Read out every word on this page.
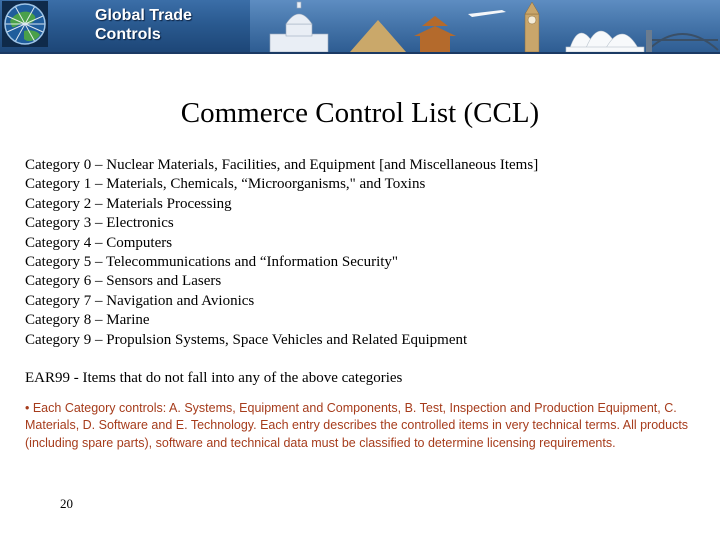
Global Trade
Controls
Commerce Control List (CCL)
Category 0 – Nuclear Materials, Facilities, and Equipment [and Miscellaneous Items]
Category 1 – Materials, Chemicals, “Microorganisms," and Toxins
Category 2 – Materials Processing
Category 3 – Electronics
Category 4 – Computers
Category 5 – Telecommunications and “Information Security"
Category 6 – Sensors and Lasers
Category 7 – Navigation and Avionics
Category 8 – Marine
Category 9 – Propulsion Systems, Space Vehicles and Related Equipment
EAR99 - Items that do not fall into any of the above categories
• Each Category controls: A. Systems, Equipment and Components, B. Test, Inspection and Production Equipment, C. Materials, D. Software and E. Technology. Each entry describes the controlled items in very technical terms. All products (including spare parts), software and technical data must be classified to determine licensing requirements.
20
